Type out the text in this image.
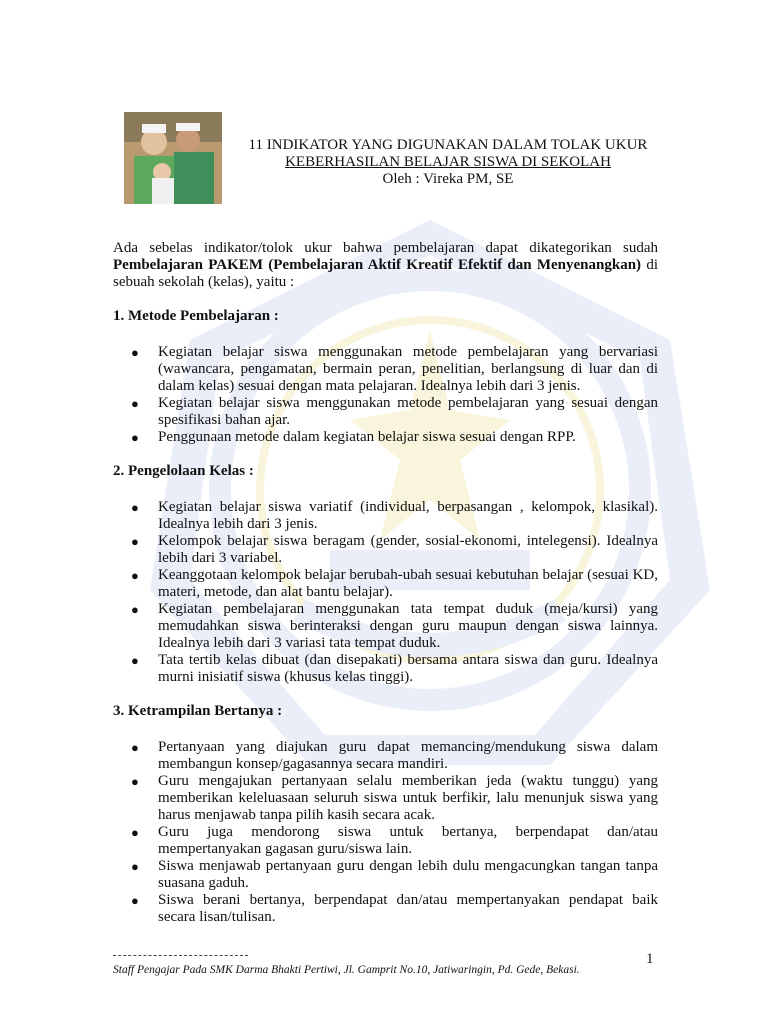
11 INDIKATOR YANG DIGUNAKAN DALAM TOLAK UKUR
KEBERHASILAN BELAJAR SISWA DI SEKOLAH
Oleh : Vireka PM, SE

Ada sebelas indikator/tolok ukur bahwa pembelajaran dapat dikategorikan sudah Pembelajaran PAKEM (Pembelajaran Aktif Kreatif Efektif dan Menyenangkan) di sebuah sekolah (kelas), yaitu :

1. Metode Pembelajaran :

● Kegiatan belajar siswa menggunakan metode pembelajaran yang bervariasi (wawancara, pengamatan, bermain peran, penelitian, berlangsung di luar dan di dalam kelas) sesuai dengan mata pelajaran. Idealnya lebih dari 3 jenis.
● Kegiatan belajar siswa menggunakan metode pembelajaran yang sesuai dengan spesifikasi bahan ajar.
● Penggunaan metode dalam kegiatan belajar siswa sesuai dengan RPP.

2. Pengelolaan Kelas :

● Kegiatan belajar siswa variatif (individual, berpasangan , kelompok, klasikal). Idealnya lebih dari 3 jenis.
● Kelompok belajar siswa beragam (gender, sosial-ekonomi, intelegensi). Idealnya lebih dari 3 variabel.
● Keanggotaan kelompok belajar berubah-ubah sesuai kebutuhan belajar (sesuai KD, materi, metode, dan alat bantu belajar).
● Kegiatan pembelajaran menggunakan tata tempat duduk (meja/kursi) yang memudahkan siswa berinteraksi dengan guru maupun dengan siswa lainnya. Idealnya lebih dari 3 variasi tata tempat duduk.
● Tata tertib kelas dibuat (dan disepakati) bersama antara siswa dan guru. Idealnya murni inisiatif siswa (khusus kelas tinggi).

3. Ketrampilan Bertanya :

● Pertanyaan yang diajukan guru dapat memancing/mendukung siswa dalam membangun konsep/gagasannya secara mandiri.
● Guru mengajukan pertanyaan selalu memberikan jeda (waktu tunggu) yang memberikan keleluasaan seluruh siswa untuk berfikir, lalu menunjuk siswa yang harus menjawab tanpa pilih kasih secara acak.
● Guru juga mendorong siswa untuk bertanya, berpendapat dan/atau mempertanyakan gagasan guru/siswa lain.
● Siswa menjawab pertanyaan guru dengan lebih dulu mengacungkan tangan tanpa suasana gaduh.
● Siswa berani bertanya, berpendapat dan/atau mempertanyakan pendapat baik secara lisan/tulisan.
1
Staff Pengajar Pada SMK Darma Bhakti Pertiwi, Jl. Gamprit No.10, Jatiwaringin, Pd. Gede, Bekasi.
